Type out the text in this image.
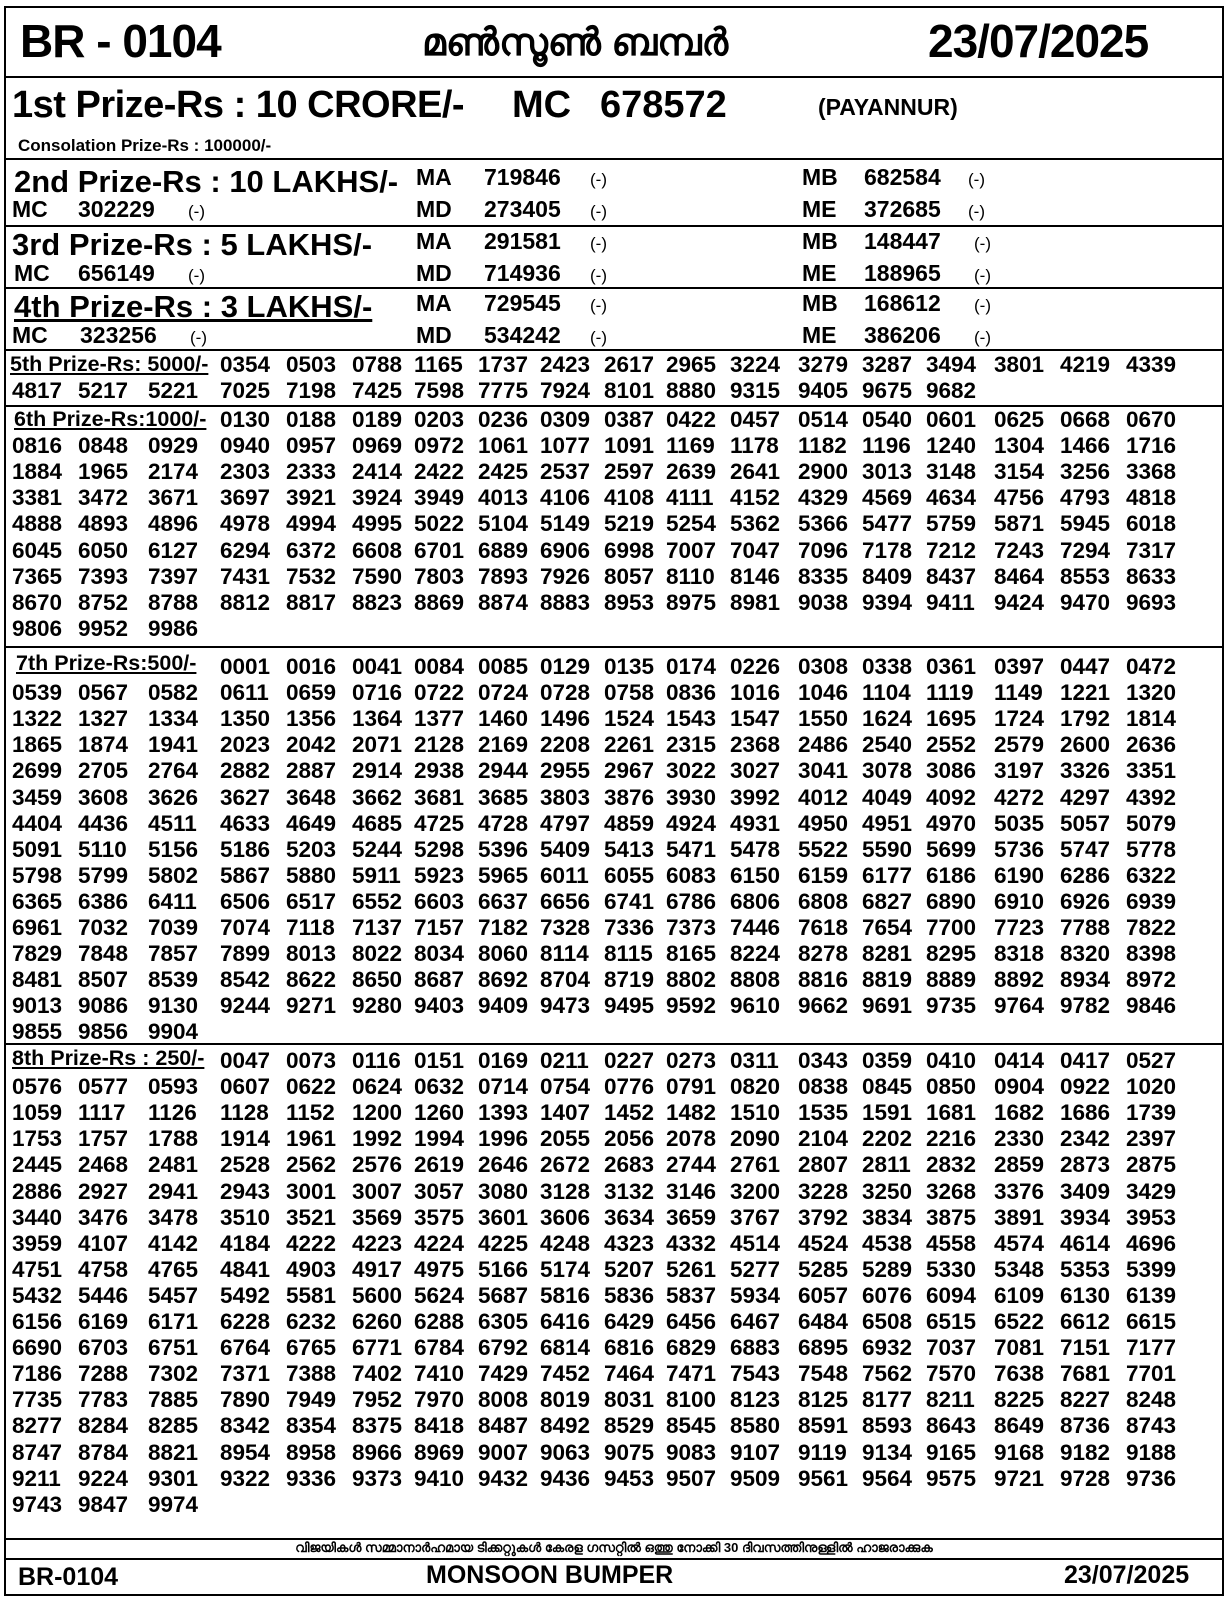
BR - 0104	മൺസൂൺ ബമ്പർ	23/07/2025
1st Prize-Rs : 10 CRORE/- MC 678572	(PAYANNUR)
Consolation Prize-Rs : 100000/-
2nd Prize-Rs : 10 LAKHS/- MA 719846 (-)	MB 682584 (-)
MC 302229 (-)	MD 273405 (-)	ME 372685 (-)
3rd Prize-Rs : 5 LAKHS/- MA 291581 (-)	MB 148447 (-)
MC 656149 (-)	MD 714936 (-)	ME 188965 (-)
4th Prize-Rs : 3 LAKHS/- MA 729545 (-)	MB 168612 (-)
MC 323256 (-)	MD 534242 (-)	ME 386206 (-)
5th Prize-Rs: 5000/- 0354 0503 0788 1165 1737 2423 2617 2965 3224 3279 3287 3494 3801 4219 4339
4817 5217 5221 7025 7198 7425 7598 7775 7924 8101 8880 9315 9405 9675 9682
6th Prize-Rs:1000/- 0130 0188 0189 0203 0236 0309 0387 0422 0457 0514 0540 0601 0625 0668 0670
0816 0848 0929 0940 0957 0969 0972 1061 1077 1091 1169 1178 1182 1196 1240 1304 1466 1716
1884 1965 2174 2303 2333 2414 2422 2425 2537 2597 2639 2641 2900 3013 3148 3154 3256 3368
3381 3472 3671 3697 3921 3924 3949 4013 4106 4108 4111 4152 4329 4569 4634 4756 4793 4818
4888 4893 4896 4978 4994 4995 5022 5104 5149 5219 5254 5362 5366 5477 5759 5871 5945 6018
6045 6050 6127 6294 6372 6608 6701 6889 6906 6998 7007 7047 7096 7178 7212 7243 7294 7317
7365 7393 7397 7431 7532 7590 7803 7893 7926 8057 8110 8146 8335 8409 8437 8464 8553 8633
8670 8752 8788 8812 8817 8823 8869 8874 8883 8953 8975 8981 9038 9394 9411 9424 9470 9693
9806 9952 9986
7th Prize-Rs:500/- 0001 0016 0041 0084 0085 0129 0135 0174 0226 0308 0338 0361 0397 0447 0472
0539 0567 0582 0611 0659 0716 0722 0724 0728 0758 0836 1016 1046 1104 1119 1149 1221 1320
1322 1327 1334 1350 1356 1364 1377 1460 1496 1524 1543 1547 1550 1624 1695 1724 1792 1814
1865 1874 1941 2023 2042 2071 2128 2169 2208 2261 2315 2368 2486 2540 2552 2579 2600 2636
2699 2705 2764 2882 2887 2914 2938 2944 2955 2967 3022 3027 3041 3078 3086 3197 3326 3351
3459 3608 3626 3627 3648 3662 3681 3685 3803 3876 3930 3992 4012 4049 4092 4272 4297 4392
4404 4436 4511 4633 4649 4685 4725 4728 4797 4859 4924 4931 4950 4951 4970 5035 5057 5079
5091 5110 5156 5186 5203 5244 5298 5396 5409 5413 5471 5478 5522 5590 5699 5736 5747 5778
5798 5799 5802 5867 5880 5911 5923 5965 6011 6055 6083 6150 6159 6177 6186 6190 6286 6322
6365 6386 6411 6506 6517 6552 6603 6637 6656 6741 6786 6806 6808 6827 6890 6910 6926 6939
6961 7032 7039 7074 7118 7137 7157 7182 7328 7336 7373 7446 7618 7654 7700 7723 7788 7822
7829 7848 7857 7899 8013 8022 8034 8060 8114 8115 8165 8224 8278 8281 8295 8318 8320 8398
8481 8507 8539 8542 8622 8650 8687 8692 8704 8719 8802 8808 8816 8819 8889 8892 8934 8972
9013 9086 9130 9244 9271 9280 9403 9409 9473 9495 9592 9610 9662 9691 9735 9764 9782 9846
9855 9856 9904
8th Prize-Rs : 250/- 0047 0073 0116 0151 0169 0211 0227 0273 0311 0343 0359 0410 0414 0417 0527
0576 0577 0593 0607 0622 0624 0632 0714 0754 0776 0791 0820 0838 0845 0850 0904 0922 1020
1059 1117 1126 1128 1152 1200 1260 1393 1407 1452 1482 1510 1535 1591 1681 1682 1686 1739
1753 1757 1788 1914 1961 1992 1994 1996 2055 2056 2078 2090 2104 2202 2216 2330 2342 2397
2445 2468 2481 2528 2562 2576 2619 2646 2672 2683 2744 2761 2807 2811 2832 2859 2873 2875
2886 2927 2941 2943 3001 3007 3057 3080 3128 3132 3146 3200 3228 3250 3268 3376 3409 3429
3440 3476 3478 3510 3521 3569 3575 3601 3606 3634 3659 3767 3792 3834 3875 3891 3934 3953
3959 4107 4142 4184 4222 4223 4224 4225 4248 4323 4332 4514 4524 4538 4558 4574 4614 4696
4751 4758 4765 4841 4903 4917 4975 5166 5174 5207 5261 5277 5285 5289 5330 5348 5353 5399
5432 5446 5457 5492 5581 5600 5624 5687 5816 5836 5837 5934 6057 6076 6094 6109 6130 6139
6156 6169 6171 6228 6232 6260 6288 6305 6416 6429 6456 6467 6484 6508 6515 6522 6612 6615
6690 6703 6751 6764 6765 6771 6784 6792 6814 6816 6829 6883 6895 6932 7037 7081 7151 7177
7186 7288 7302 7371 7388 7402 7410 7429 7452 7464 7471 7543 7548 7562 7570 7638 7681 7701
7735 7783 7885 7890 7949 7952 7970 8008 8019 8031 8100 8123 8125 8177 8211 8225 8227 8248
8277 8284 8285 8342 8354 8375 8418 8487 8492 8529 8545 8580 8591 8593 8643 8649 8736 8743
8747 8784 8821 8954 8958 8966 8969 9007 9063 9075 9083 9107 9119 9134 9165 9168 9182 9188
9211 9224 9301 9322 9336 9373 9410 9432 9436 9453 9507 9509 9561 9564 9575 9721 9728 9736
9743 9847 9974
വിജയികൾ സമ്മാനാർഹമായ ടിക്കറ്റുകൾ കേരള ഗസറ്റിൽ ഒത്തു നോക്കി 30 ദിവസത്തിനുള്ളിൽ ഹാജരാക്കുക
BR-0104	MONSOON BUMPER	23/07/2025
